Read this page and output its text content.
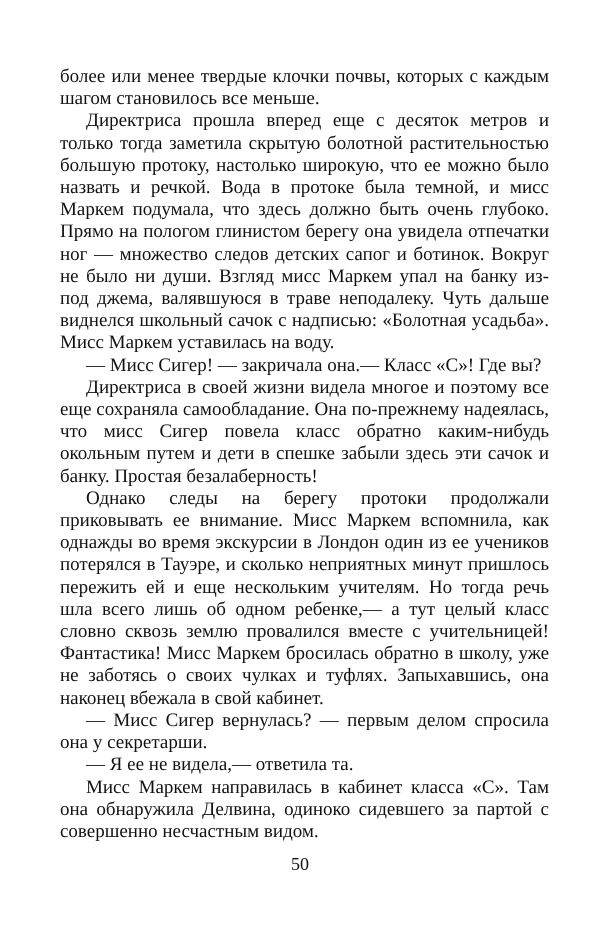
более или менее твердые клочки почвы, которых с каждым шагом становилось все меньше.

Директриса прошла вперед еще с десяток метров и только тогда заметила скрытую болотной растительностью большую протоку, настолько широкую, что ее можно было назвать и речкой. Вода в протоке была темной, и мисс Маркем подумала, что здесь должно быть очень глубоко. Прямо на пологом глинистом берегу она увидела отпечатки ног — множество следов детских сапог и ботинок. Вокруг не было ни души. Взгляд мисс Маркем упал на банку из-под джема, валявшуюся в траве неподалеку. Чуть дальше виднелся школьный сачок с надписью: «Болотная усадьба». Мисс Маркем уставилась на воду.

— Мисс Сигер! — закричала она.— Класс «С»! Где вы?

Директриса в своей жизни видела многое и поэтому все еще сохраняла самообладание. Она по-прежнему надеялась, что мисс Сигер повела класс обратно каким-нибудь окольным путем и дети в спешке забыли здесь эти сачок и банку. Простая безалаберность!

Однако следы на берегу протоки продолжали приковывать ее внимание. Мисс Маркем вспомнила, как однажды во время экскурсии в Лондон один из ее учеников потерялся в Тауэре, и сколько неприятных минут пришлось пережить ей и еще нескольким учителям. Но тогда речь шла всего лишь об одном ребенке,— а тут целый класс словно сквозь землю провалился вместе с учительницей! Фантастика! Мисс Маркем бросилась обратно в школу, уже не заботясь о своих чулках и туфлях. Запыхавшись, она наконец вбежала в свой кабинет.

— Мисс Сигер вернулась? — первым делом спросила она у секретарши.

— Я ее не видела,— ответила та.

Мисс Маркем направилась в кабинет класса «С». Там она обнаружила Делвина, одиноко сидевшего за партой с совершенно несчастным видом.

50
